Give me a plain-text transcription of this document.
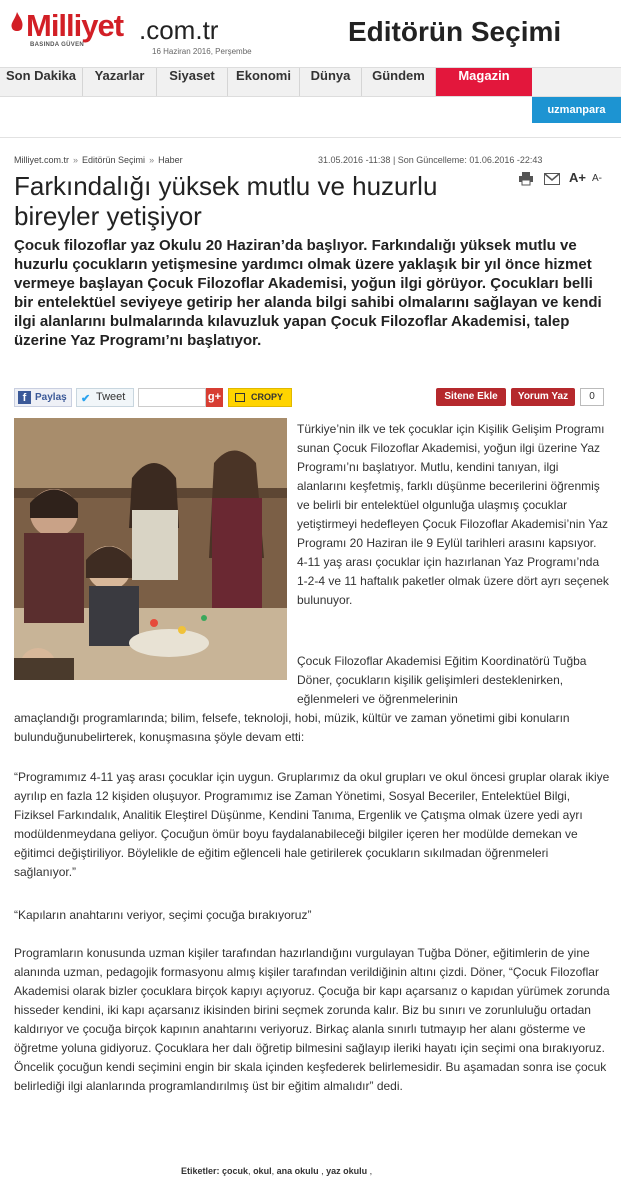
Milliyet .com.tr
BASINDA GÜVEN
16 Haziran 2016, Perşembe
Editörün Seçimi
Son Dakika	Yazarlar	Siyaset	Ekonomi	Dünya	Gündem	Magazin
uzmanpara
Milliyet.com.tr » Editörün Seçimi » Haber	31.05.2016 -11:38 | Son Güncelleme: 01.06.2016 -22:43
A+ A-
Farkındalığı yüksek mutlu ve huzurlu bireyler yetişiyor
Çocuk filozoflar yaz Okulu 20 Haziran’da başlıyor. Farkındalığı yüksek mutlu ve huzurlu çocukların yetişmesine yardımcı olmak üzere yaklaşık bir yıl önce hizmet vermeye başlayan Çocuk Filozoflar Akademisi, yoğun ilgi görüyor. Çocukları belli bir entelektüel seviyeye getirip her alanda bilgi sahibi olmalarını sağlayan ve kendi ilgi alanlarını bulmalarında kılavuzluk yapan Çocuk Filozoflar Akademisi, talep üzerine Yaz Programı’nı başlatıyor.
f Paylaş	✔ Tweet	g+	CROPY	Sitene Ekle	Yorum Yaz	0
Türkiye’nin ilk ve tek çocuklar için Kişilik Gelişim Programı sunan Çocuk Filozoflar Akademisi, yoğun ilgi üzerine Yaz Programı’nı başlatıyor. Mutlu, kendini tanıyan, ilgi alanlarını keşfetmiş, farklı düşünme becerilerini öğrenmiş ve belirli bir entelektüel olgunluğa ulaşmış çocuklar yetiştirmeyi hedefleyen Çocuk Filozoflar Akademisi’nin Yaz Programı 20 Haziran ile 9 Eylül tarihleri arasını kapsıyor. 4-11 yaş arası çocuklar için hazırlanan Yaz Programı’nda 1-2-4 ve 11 haftalık paketler olmak üzere dört ayrı seçenek bulunuyor.
Çocuk Filozoflar Akademisi Eğitim Koordinatörü Tuğba Döner, çocukların kişilik gelişimleri desteklenirken, eğlenmeleri ve öğrenmelerinin
amaçlandığı programlarında; bilim, felsefe, teknoloji, hobi, müzik, kültür ve zaman yönetimi gibi konuların bulunduğunubelirterek, konuşmasına şöyle devam etti:
“Programımız 4-11 yaş arası çocuklar için uygun. Gruplarımız da okul grupları ve okul öncesi gruplar olarak ikiye ayrılıp en fazla 12 kişiden oluşuyor. Programımız ise Zaman Yönetimi, Sosyal Beceriler, Entelektüel Bilgi, Fiziksel Farkındalık, Analitik Eleştirel Düşünme, Kendini Tanıma, Ergenlik ve Çatışma olmak üzere yedi ayrı modüldenmeydana geliyor. Çocuğun ömür boyu faydalanabileceği bilgiler içeren her modülde demekan ve eğitimci değiştiriliyor. Böylelikle de eğitim eğlenceli hale getirilerek çocukların sıkılmadan öğrenmeleri sağlanıyor.”
“Kapıların anahtarını veriyor, seçimi çocuğa bırakıyoruz”
Programların konusunda uzman kişiler tarafından hazırlandığını vurgulayan Tuğba Döner, eğitimlerin de yine alanında uzman, pedagojik formasyonu almış kişiler tarafından verildiğinin altını çizdi. Döner, “Çocuk Filozoflar Akademisi olarak bizler çocuklara birçok kapıyı açıyoruz. Çocuğa bir kapı açarsanız o kapıdan yürümek zorunda hisseder kendini, iki kapı açarsanız ikisinden birini seçmek zorunda kalır. Biz bu sınırı ve zorunluluğu ortadan kaldırıyor ve çocuğa birçok kapının anahtarını veriyoruz. Birkaç alanla sınırlı tutmayıp her alanı gösterme ve öğretme yoluna gidiyoruz. Çocuklara her dalı öğretip bilmesini sağlayıp ileriki hayatı için seçimi ona bırakıyoruz. Öncelik çocuğun kendi seçimini engin bir skala içinden keşfederek belirlemesidir. Bu aşamadan sonra ise çocuk belirlediği ilgi alanlarında programlandırılmış üst bir eğitim almalıdır” dedi.
Etiketler: çocuk, okul, ana okulu , yaz okulu ,
